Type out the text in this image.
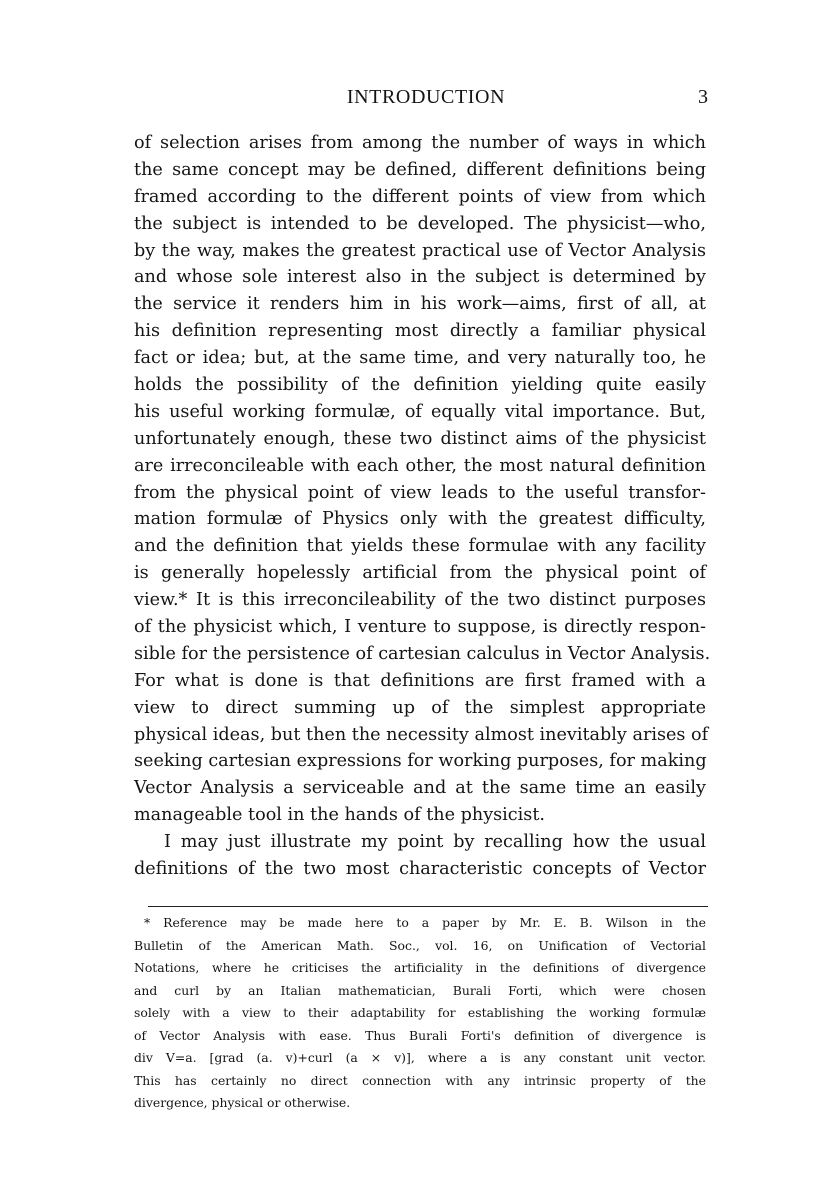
INTRODUCTION	3
of selection arises from among the number of ways in which
the same concept may be defined, different definitions being
framed according to the different points of view from which
the subject is intended to be developed. The physicist—who,
by the way, makes the greatest practical use of Vector Analysis
and whose sole interest also in the subject is determined by
the service it renders him in his work—aims, first of all, at
his definition representing most directly a familiar physical
fact or idea; but, at the same time, and very naturally too, he
holds the possibility of the definition yielding quite easily
his useful working formulæ, of equally vital importance. But,
unfortunately enough, these two distinct aims of the physicist
are irreconcileable with each other, the most natural definition
from the physical point of view leads to the useful transfor-
mation formulæ of Physics only with the greatest difficulty,
and the definition that yields these formulae with any facility
is generally hopelessly artificial from the physical point of
view.* It is this irreconcileability of the two distinct purposes
of the physicist which, I venture to suppose, is directly respon-
sible for the persistence of cartesian calculus in Vector Analysis.
For what is done is that definitions are first framed with a
view to direct summing up of the simplest appropriate
physical ideas, but then the necessity almost inevitably arises of
seeking cartesian expressions for working purposes, for making
Vector Analysis a serviceable and at the same time an easily
manageable tool in the hands of the physicist.
I may just illustrate my point by recalling how the usual
definitions of the two most characteristic concepts of Vector
* Reference may be made here to a paper by Mr. E. B. Wilson in the
Bulletin of the American Math. Soc., vol. 16, on Unification of Vectorial
Notations, where he criticises the artificiality in the definitions of divergence
and curl by an Italian mathematician, Burali Forti, which were chosen
solely with a view to their adaptability for establishing the working formulæ
of Vector Analysis with ease. Thus Burali Forti's definition of divergence is
div V=a. [grad (a. v)+curl (a × v)], where a is any constant unit vector.
This has certainly no direct connection with any intrinsic property of the
divergence, physical or otherwise.
